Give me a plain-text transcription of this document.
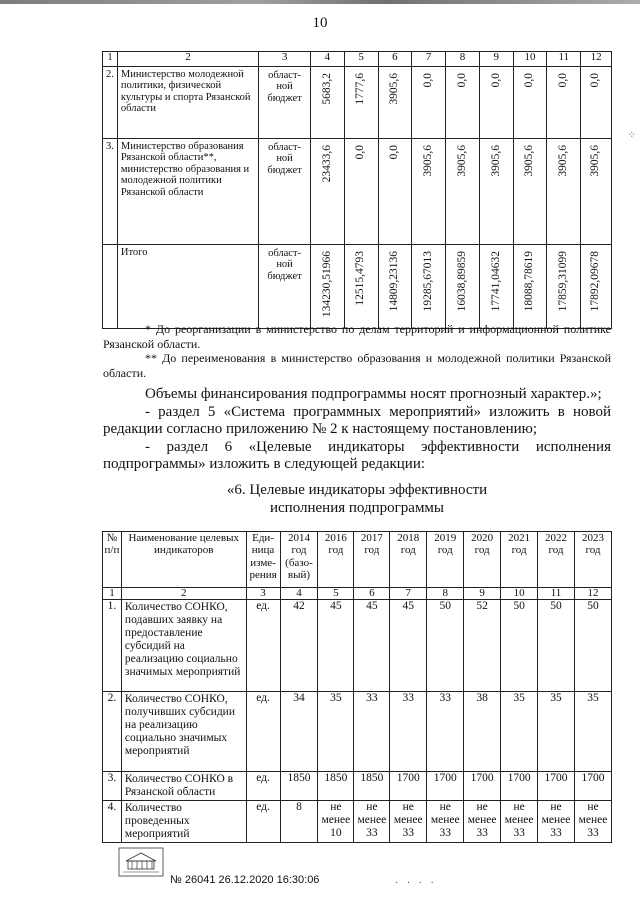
10
⁘
1	2	3	4	5	6	7	8	9	10	11	12
2.	Министерство молодежной политики, физической культуры и спорта Рязанской области	област-ной бюджет	5683,2	1777,6	3905,6	0,0	0,0	0,0	0,0	0,0	0,0
3.	Министерство образования Рязанской области**, министерство образования и молодежной политики Рязанской области	област-ной бюджет	23433,6	0,0	0,0	3905,6	3905,6	3905,6	3905,6	3905,6	3905,6
	Итого	област-ной бюджет	134230,51966	12515,4793	14809,23136	19285,67013	16038,89859	17741,04632	18088,78619	17859,31099	17892,09678

* До реорганизации в министерство по делам территорий и информационной политике Рязанской области.

** До переименования в министерство образования и молодежной политики Рязанской области.

Объемы финансирования подпрограммы носят прогнозный характер.»;

- раздел 5 «Система программных мероприятий» изложить в новой редакции согласно приложению № 2 к настоящему постановлению;

- раздел 6 «Целевые индикаторы эффективности исполнения подпрограммы» изложить в следующей редакции:

«6. Целевые индикаторы эффективности
исполнения подпрограммы
№ п/п	Наименование целевых индикаторов	Еди-ница изме-рения	2014 год (базо-вый)	2016 год	2017 год	2018 год	2019 год	2020 год	2021 год	2022 год	2023 год
1	2	3	4	5	6	7	8	9	10	11	12
1.	Количество СОНКО, подавших заявку на предоставление субсидий на реализацию социально значимых мероприятий	ед.	42	45	45	45	50	52	50	50	50
2.	Количество СОНКО, получивших субсидии на реализацию социально значимых мероприятий	ед.	34	35	33	33	33	38	35	35	35
3.	Количество СОНКО в Рязанской области	ед.	1850	1850	1850	1700	1700	1700	1700	1700	1700
4.	Количество проведенных мероприятий	ед.	8	не менее 10	не менее 33	не менее 33	не менее 33	не менее 33	не менее 33	не менее 33	не менее 33
№ 26041 26.12.2020 16:30:06	· · · ·
